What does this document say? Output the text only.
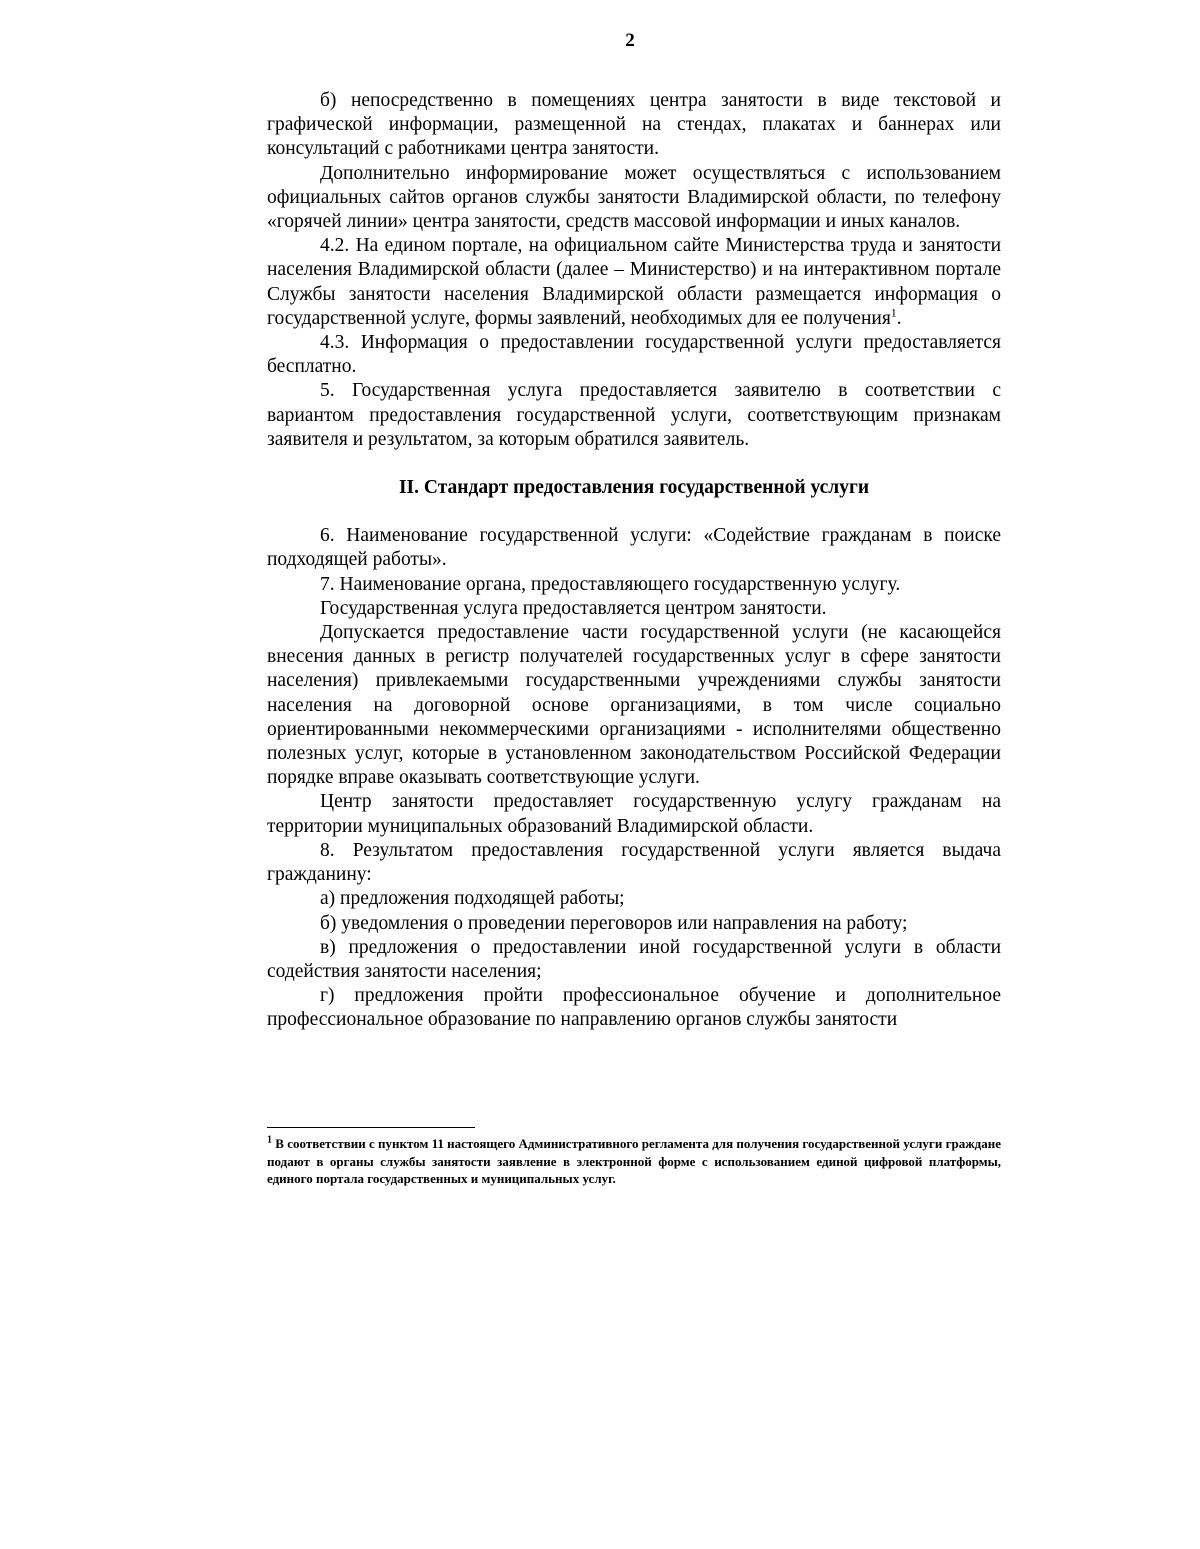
2

б) непосредственно в помещениях центра занятости в виде текстовой и графической информации, размещенной на стендах, плакатах и баннерах или консультаций с работниками центра занятости.

Дополнительно информирование может осуществляться с использованием официальных сайтов органов службы занятости Владимирской области, по телефону «горячей линии» центра занятости, средств массовой информации и иных каналов.

4.2. На едином портале, на официальном сайте Министерства труда и занятости населения Владимирской области (далее – Министерство) и на интерактивном портале Службы занятости населения Владимирской области размещается информация о государственной услуге, формы заявлений, необходимых для ее получения$^1$.

4.3. Информация о предоставлении государственной услуги предоставляется бесплатно.

5. Государственная услуга предоставляется заявителю в соответствии с вариантом предоставления государственной услуги, соответствующим признакам заявителя и результатом, за которым обратился заявитель.

II. Стандарт предоставления государственной услуги

6. Наименование государственной услуги: «Содействие гражданам в поиске подходящей работы».

7. Наименование органа, предоставляющего государственную услугу.

Государственная услуга предоставляется центром занятости.

Допускается предоставление части государственной услуги (не касающейся внесения данных в регистр получателей государственных услуг в сфере занятости населения) привлекаемыми государственными учреждениями службы занятости населения на договорной основе организациями, в том числе социально ориентированными некоммерческими организациями - исполнителями общественно полезных услуг, которые в установленном законодательством Российской Федерации порядке вправе оказывать соответствующие услуги.

Центр занятости предоставляет государственную услугу гражданам на территории муниципальных образований Владимирской области.

8. Результатом предоставления государственной услуги является выдача гражданину:

а) предложения подходящей работы;

б) уведомления о проведении переговоров или направления на работу;

в) предложения о предоставлении иной государственной услуги в области содействия занятости населения;

г) предложения пройти профессиональное обучение и дополнительное профессиональное образование по направлению органов службы занятости

$^1$ В соответствии с пунктом 11 настоящего Административного регламента для получения государственной услуги граждане подают в органы службы занятости заявление в электронной форме с использованием единой цифровой платформы, единого портала государственных и муниципальных услуг.
